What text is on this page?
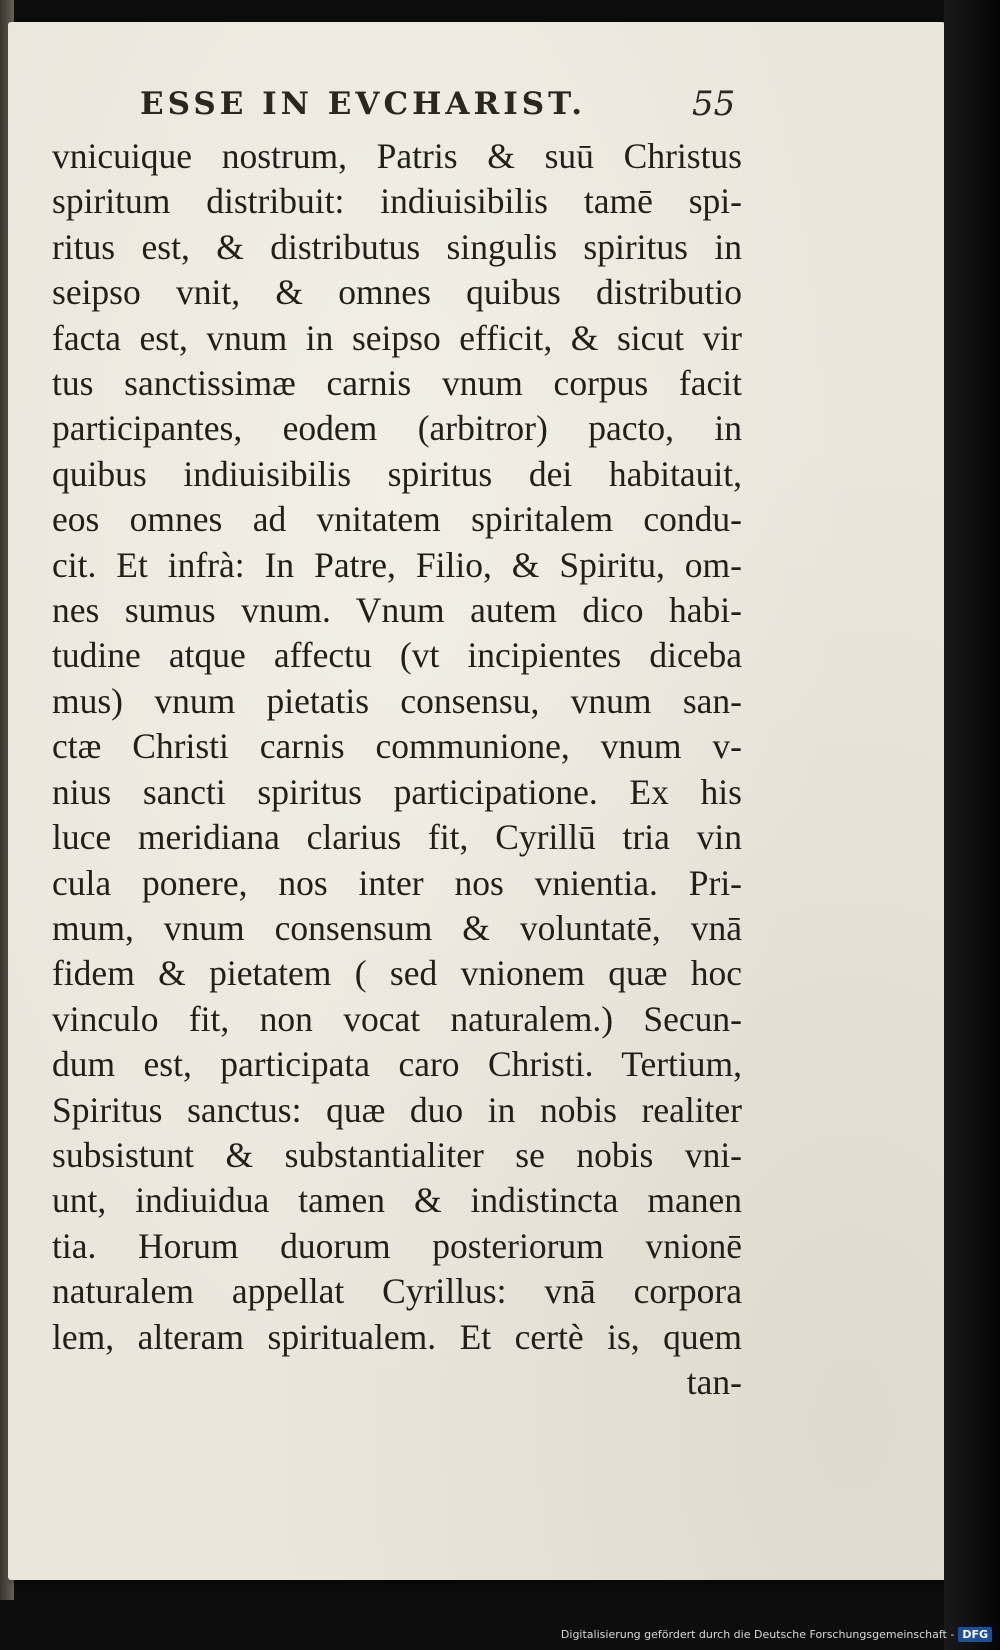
ESSE IN EVCHARIST.	55
vnicuique nostrum, Patris & suū Christus
spiritum distribuit: indiuisibilis tamē spi-
ritus est, & distributus singulis spiritus in
seipso vnit, & omnes quibus distributio
facta est, vnum in seipso efficit, & sicut vir
tus sanctissimæ carnis vnum corpus facit
participantes, eodem (arbitror) pacto, in
quibus indiuisibilis spiritus dei habitauit,
eos omnes ad vnitatem spiritalem condu-
cit. Et infrà: In Patre, Filio, & Spiritu, om-
nes sumus vnum. Vnum autem dico habi-
tudine atque affectu (vt incipientes diceba
mus) vnum pietatis consensu, vnum san-
ctæ Christi carnis communione, vnum v-
nius sancti spiritus participatione. Ex his
luce meridiana clarius fit, Cyrillū tria vin
cula ponere, nos inter nos vnientia. Pri-
mum, vnum consensum & voluntatē, vnā
fidem & pietatem ( sed vnionem quæ hoc
vinculo fit, non vocat naturalem.) Secun-
dum est, participata caro Christi. Tertium,
Spiritus sanctus: quæ duo in nobis realiter
subsistunt & substantialiter se nobis vni-
unt, indiuidua tamen & indistincta manen
tia. Horum duorum posteriorum vnionē
naturalem appellat Cyrillus: vnā corpora
lem, alteram spiritualem. Et certè is, quem
tan-
Digitalisierung gefördert durch die Deutsche Forschungsgemeinschaft - DFG
